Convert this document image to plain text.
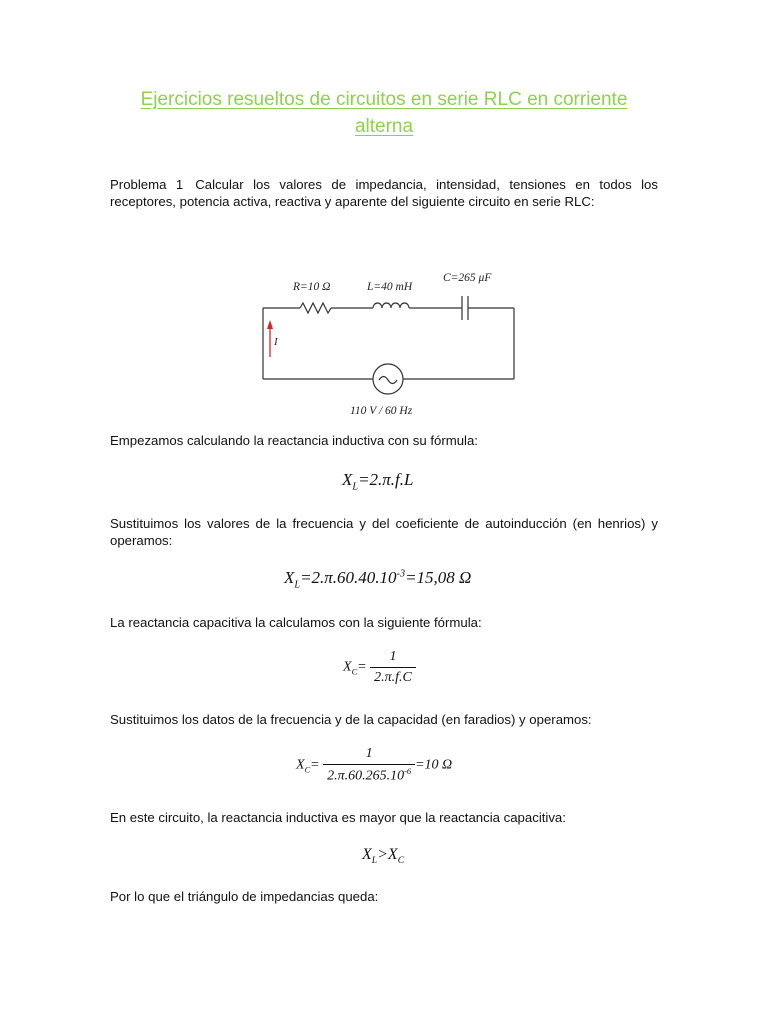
Ejercicios resueltos de circuitos en serie RLC en corriente
alterna

Problema 1 Calcular los valores de impedancia, intensidad, tensiones en todos los receptores, potencia activa, reactiva y aparente del siguiente circuito en serie RLC:

R=10 Ω	L=40 mH
C=265 μF
I
110 V / 60 Hz

Empezamos calculando la reactancia inductiva con su fórmula:

$X_L=2.\pi.f.L$

Sustituimos los valores de la frecuencia y del coeficiente de autoinducción (en henrios) y operamos:

$X_L=2.\pi.60.40.10^{-3}=15,08$ Ω

La reactancia capacitiva la calculamos con la siguiente fórmula:

$X_C= \frac{1}{2.\pi.f.C}$

Sustituimos los datos de la frecuencia y de la capacidad (en faradios) y operamos:

$X_C= \frac{1}{2.\pi.60.265.10^{-6}} =10$ Ω

En este circuito, la reactancia inductiva es mayor que la reactancia capacitiva:

$X_L>X_C$

Por lo que el triángulo de impedancias queda:
